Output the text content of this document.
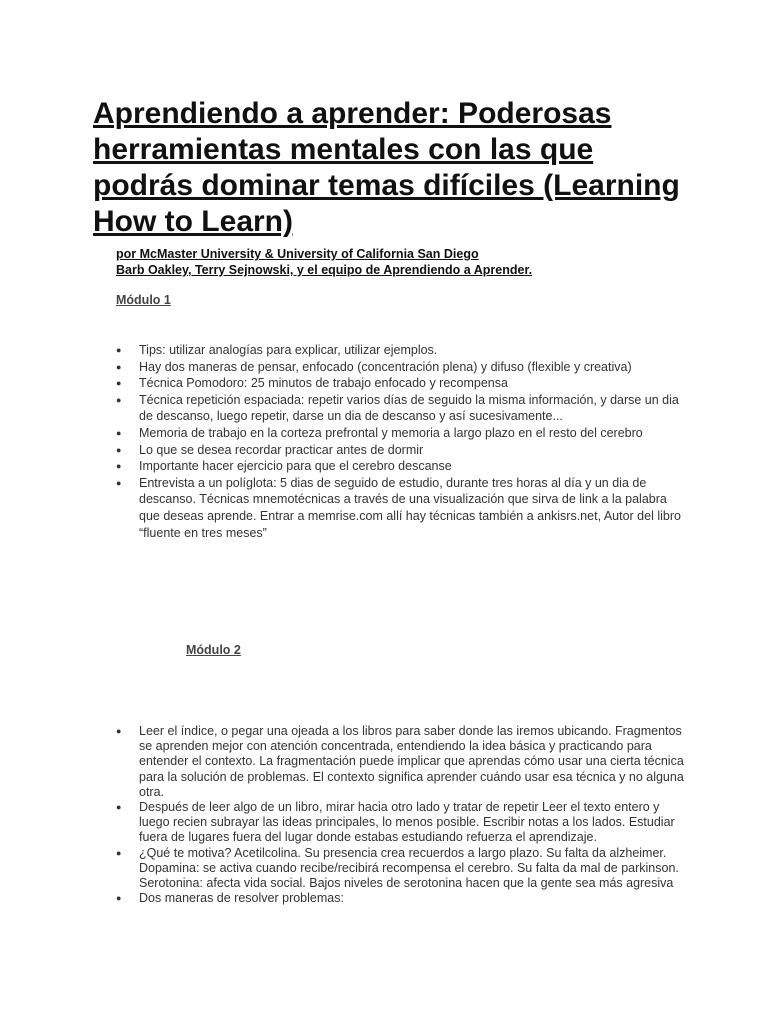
Aprendiendo a aprender: Poderosas herramientas mentales con las que podrás dominar temas difíciles (Learning How to Learn)
por McMaster University & University of California San Diego
Barb Oakley, Terry Sejnowski, y el equipo de Aprendiendo a Aprender.
Módulo 1
● Tips: utilizar analogías para explicar, utilizar ejemplos.
● Hay dos maneras de pensar, enfocado (concentración plena) y difuso (flexible y creativa)
● Técnica Pomodoro: 25 minutos de trabajo enfocado y recompensa
● Técnica repetición espaciada: repetir varios días de seguido la misma información, y darse un dia de descanso, luego repetir, darse un dia de descanso y así sucesivamente...
● Memoria de trabajo en la corteza prefrontal y memoria a largo plazo en el resto del cerebro
● Lo que se desea recordar practicar antes de dormir
● Importante hacer ejercicio para que el cerebro descanse
● Entrevista a un políglota: 5 dias de seguido de estudio, durante tres horas al día y un dia de descanso. Técnicas mnemotécnicas a través de una visualización que sirva de link a la palabra que deseas aprende. Entrar a memrise.com allí hay técnicas también a ankisrs.net, Autor del libro “fluente en tres meses”
Módulo 2
● Leer el índice, o pegar una ojeada a los libros para saber donde las iremos ubicando. Fragmentos se aprenden mejor con atención concentrada, entendiendo la idea básica y practicando para entender el contexto. La fragmentación puede implicar que aprendas cómo usar una cierta técnica para la solución de problemas. El contexto significa aprender cuándo usar esa técnica y no alguna otra.
● Después de leer algo de un libro, mirar hacia otro lado y tratar de repetir Leer el texto entero y luego recien subrayar las ideas principales, lo menos posible. Escribir notas a los lados. Estudiar fuera de lugares fuera del lugar donde estabas estudiando refuerza el aprendizaje.
● ¿Qué te motiva? Acetilcolina. Su presencia crea recuerdos a largo plazo. Su falta da alzheimer. Dopamina: se activa cuando recibe/recibirá recompensa el cerebro. Su falta da mal de parkinson. Serotonina: afecta vida social. Bajos niveles de serotonina hacen que la gente sea más agresiva
● Dos maneras de resolver problemas:
